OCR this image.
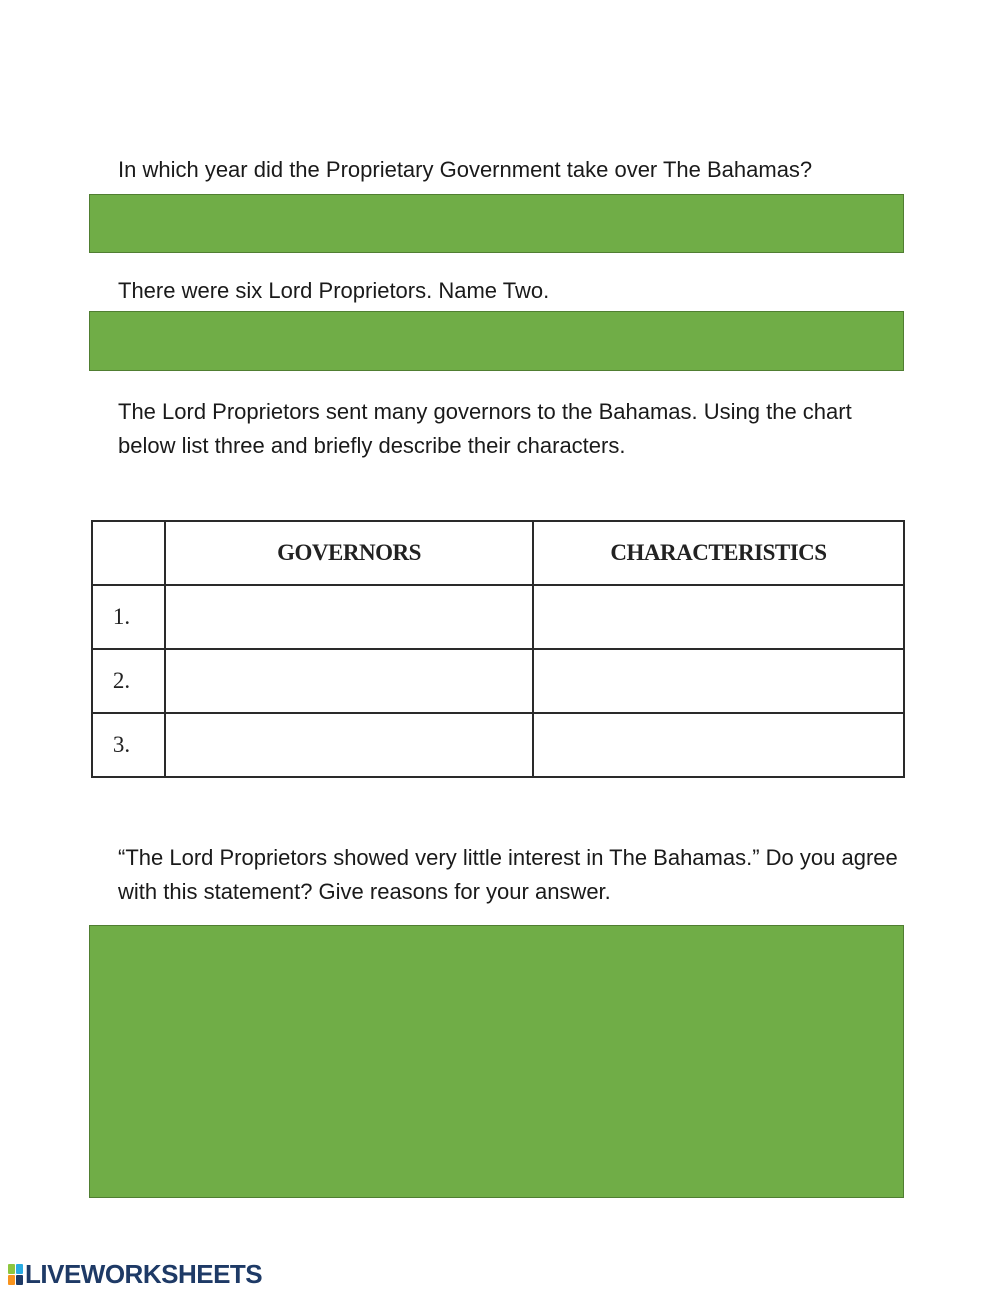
In which year did the Proprietary Government take over The Bahamas?

There were six Lord Proprietors. Name Two.

The Lord Proprietors sent many governors to the Bahamas. Using the chart below list three and briefly describe their characters.

	GOVERNORS	CHARACTERISTICS
1.		
2.		
3.		

“The Lord Proprietors showed very little interest in The Bahamas.” Do you agree with this statement? Give reasons for your answer.

LIVEWORKSHEETS
